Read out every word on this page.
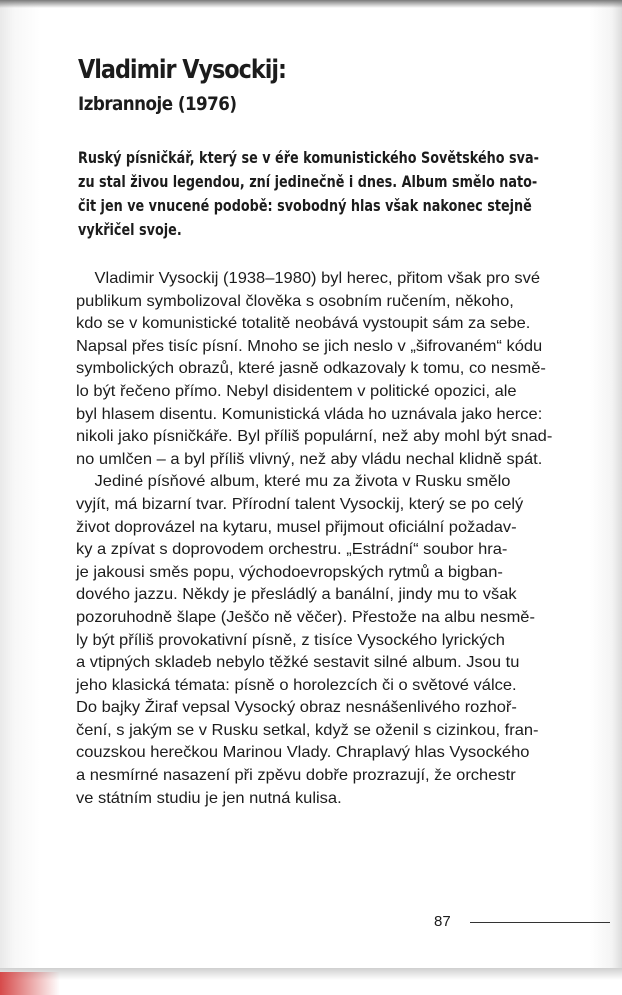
Vladimir Vysockij:
Izbrannoje (1976)
Ruský písničkář, který se v éře komunistického Sovětského sva-
zu stal živou legendou, zní jedinečně i dnes. Album smělo nato-
čit jen ve vnucené podobě: svobodný hlas však nakonec stejně
vykřičel svoje.
Vladimir Vysockij (1938–1980) byl herec, přitom však pro své
publikum symbolizoval člověka s osobním ručením, někoho,
kdo se v komunistické totalitě neobává vystoupit sám za sebe.
Napsal přes tisíc písní. Mnoho se jich neslo v „šifrovaném“ kódu
symbolických obrazů, které jasně odkazovaly k tomu, co nesmě-
lo být řečeno přímo. Nebyl disidentem v politické opozici, ale
byl hlasem disentu. Komunistická vláda ho uznávala jako herce:
nikoli jako písničkáře. Byl příliš populární, než aby mohl být snad-
no umlčen – a byl příliš vlivný, než aby vládu nechal klidně spát.
Jediné písňové album, které mu za života v Rusku smělo
vyjít, má bizarní tvar. Přírodní talent Vysockij, který se po celý
život doprovázel na kytaru, musel přijmout oficiální požadav-
ky a zpívat s doprovodem orchestru. „Estrádní“ soubor hra-
je jakousi směs popu, východoevropských rytmů a bigban-
dového jazzu. Někdy je přesládlý a banální, jindy mu to však
pozoruhodně šlape (Ješčo ně věčer). Přestože na albu nesmě-
ly být příliš provokativní písně, z tisíce Vysockého lyrických
a vtipných skladeb nebylo těžké sestavit silné album. Jsou tu
jeho klasická témata: písně o horolezcích či o světové válce.
Do bajky Žiraf vepsal Vysocký obraz nesnášenlivého rozhoř-
čení, s jakým se v Rusku setkal, když se oženil s cizinkou, fran-
couzskou herečkou Marinou Vlady. Chraplavý hlas Vysockého
a nesmírné nasazení při zpěvu dobře prozrazují, že orchestr
ve státním studiu je jen nutná kulisa.
87
